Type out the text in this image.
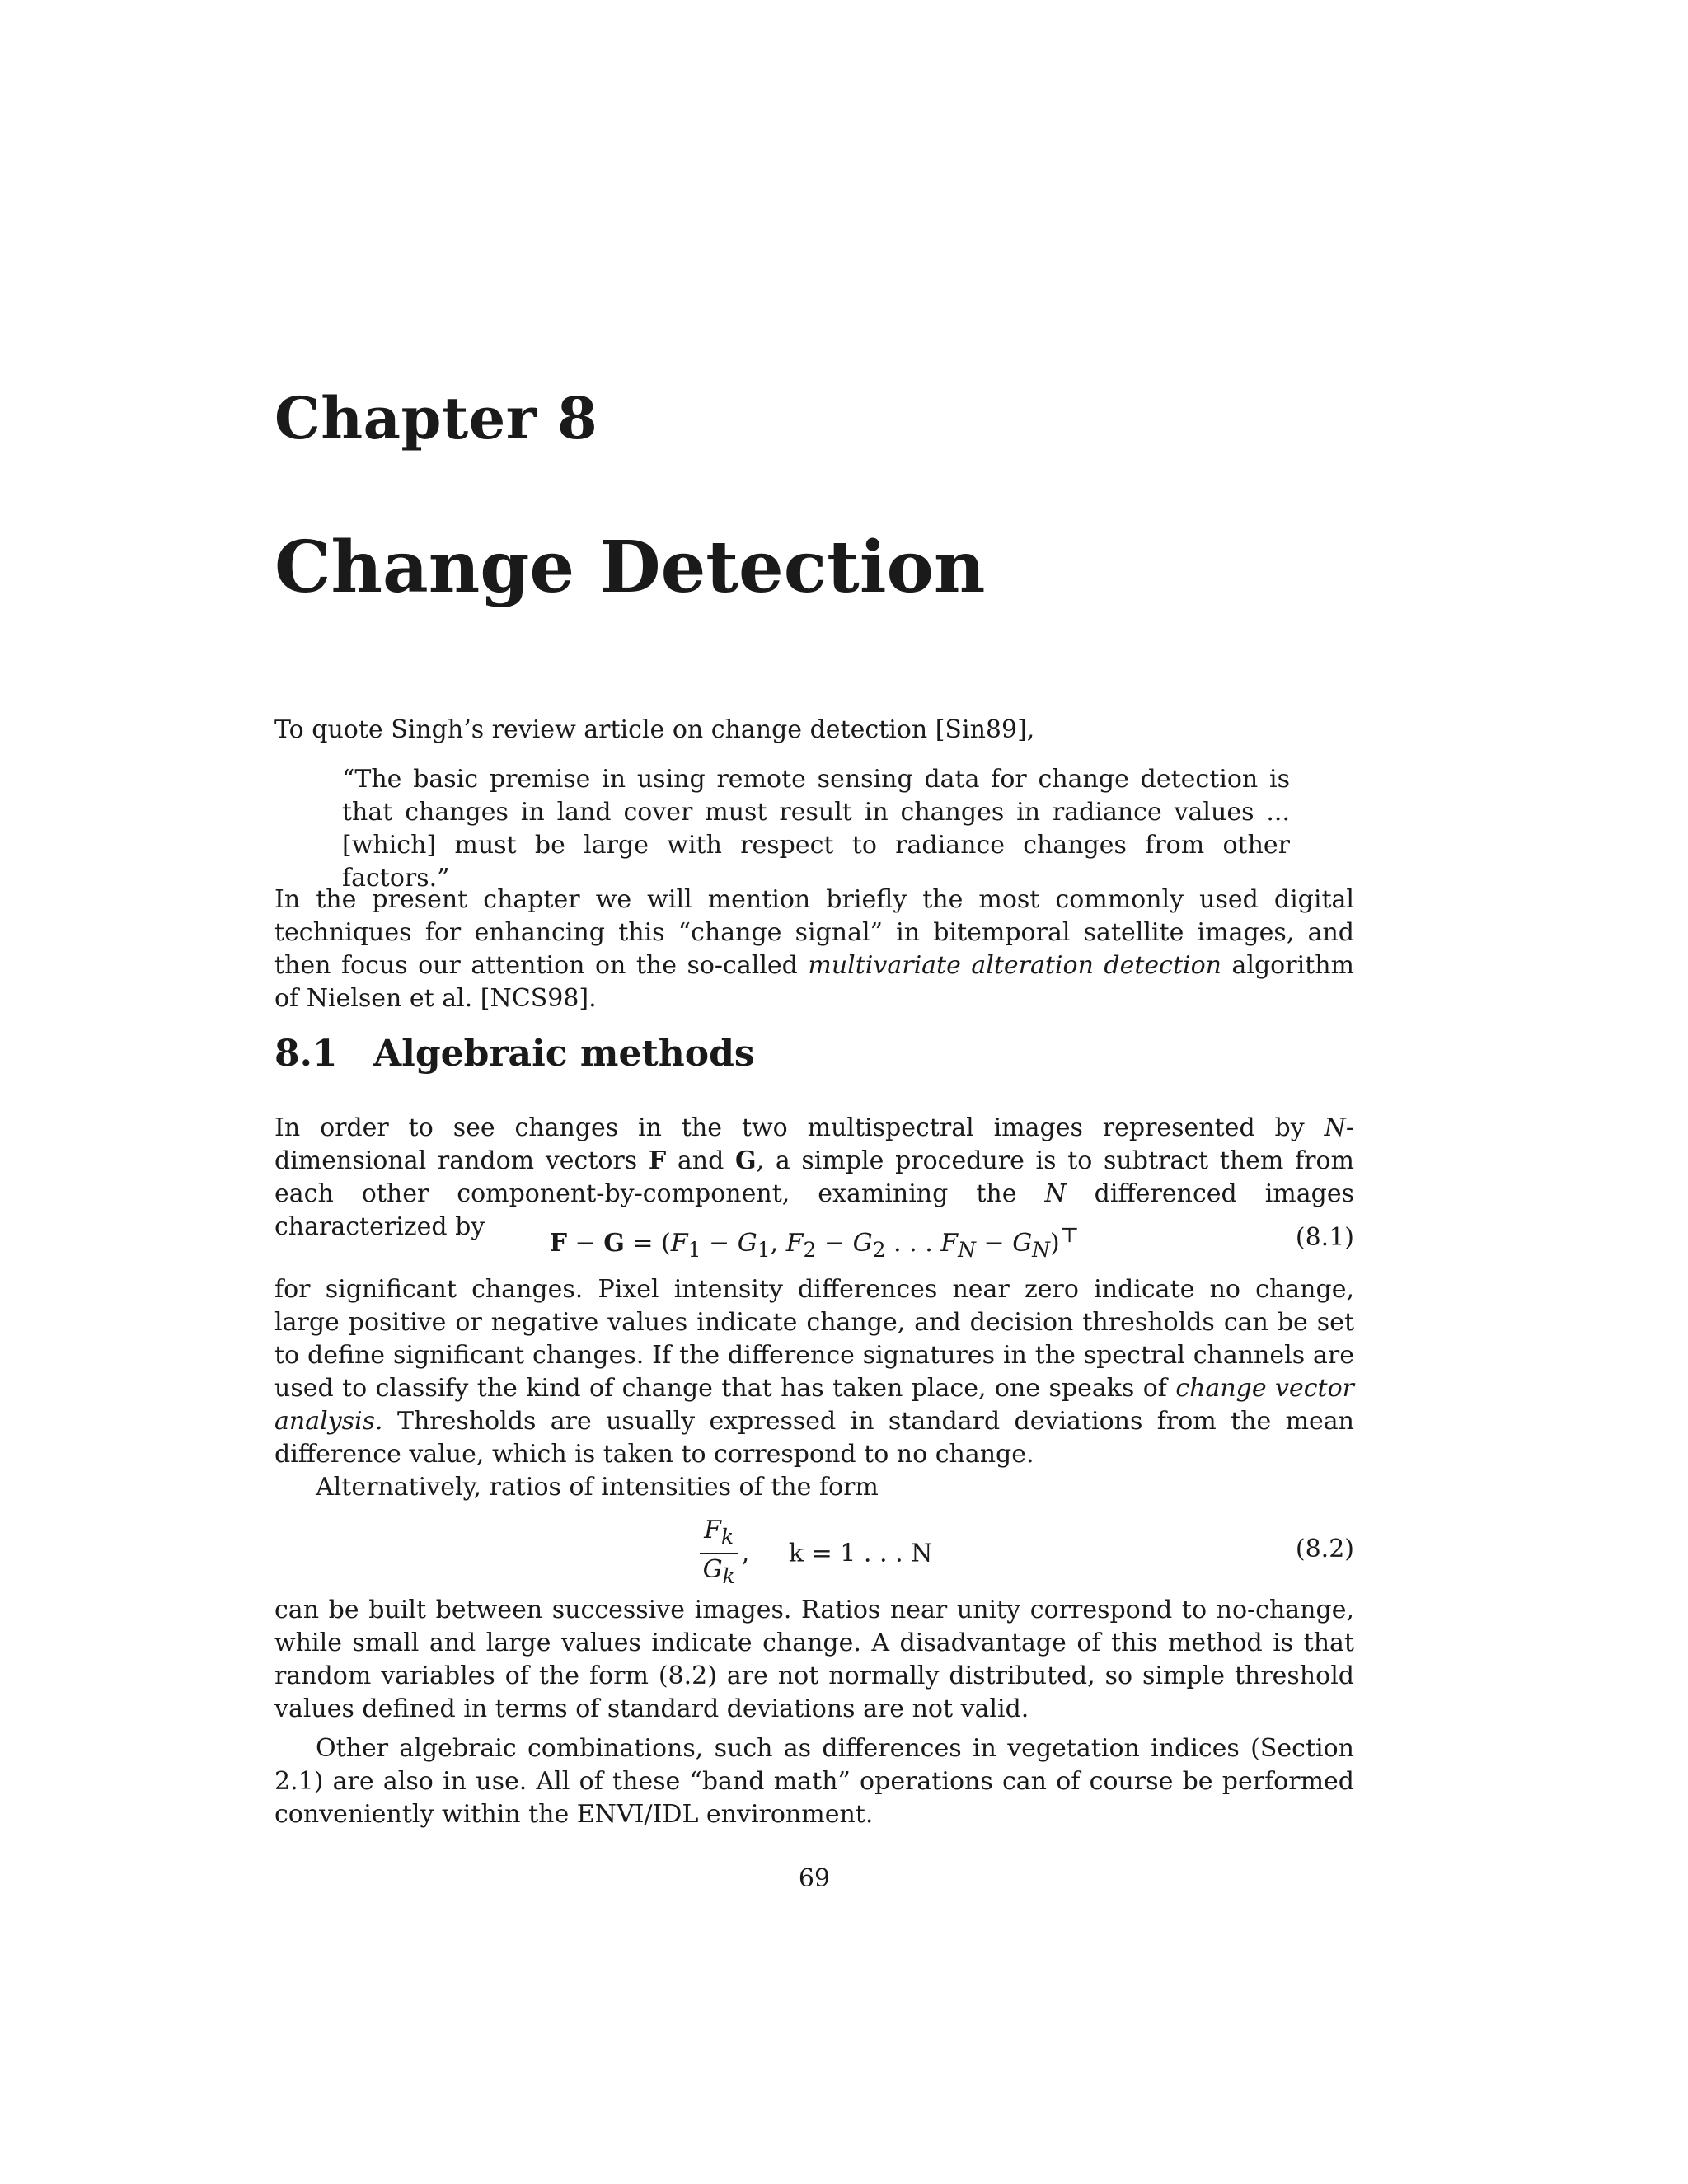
Chapter 8
Change Detection
To quote Singh’s review article on change detection [Sin89],
“The basic premise in using remote sensing data for change detection is that changes in land cover must result in changes in radiance values ... [which] must be large with respect to radiance changes from other factors.”
In the present chapter we will mention briefly the most commonly used digital techniques for enhancing this “change signal” in bitemporal satellite images, and then focus our attention on the so-called multivariate alteration detection algorithm of Nielsen et al. [NCS98].
8.1 Algebraic methods
In order to see changes in the two multispectral images represented by N-dimensional random vectors F and G, a simple procedure is to subtract them from each other component-by-component, examining the N differenced images characterized by
$F - G = (F_1 - G_1$, $F_2 - G_2$ . . . $F_N - G_N)^⊤$	(8.1)
for significant changes. Pixel intensity differences near zero indicate no change, large positive or negative values indicate change, and decision thresholds can be set to define significant changes. If the difference signatures in the spectral channels are used to classify the kind of change that has taken place, one speaks of change vector analysis. Thresholds are usually expressed in standard deviations from the mean difference value, which is taken to correspond to no change.
Alternatively, ratios of intensities of the form
$\frac{F_k}{G_k}$ ,     k = 1 . . . N	(8.2)
can be built between successive images. Ratios near unity correspond to no-change, while small and large values indicate change. A disadvantage of this method is that random variables of the form (8.2) are not normally distributed, so simple threshold values defined in terms of standard deviations are not valid.
Other algebraic combinations, such as differences in vegetation indices (Section 2.1) are also in use. All of these “band math” operations can of course be performed conveniently within the ENVI/IDL environment.
69
